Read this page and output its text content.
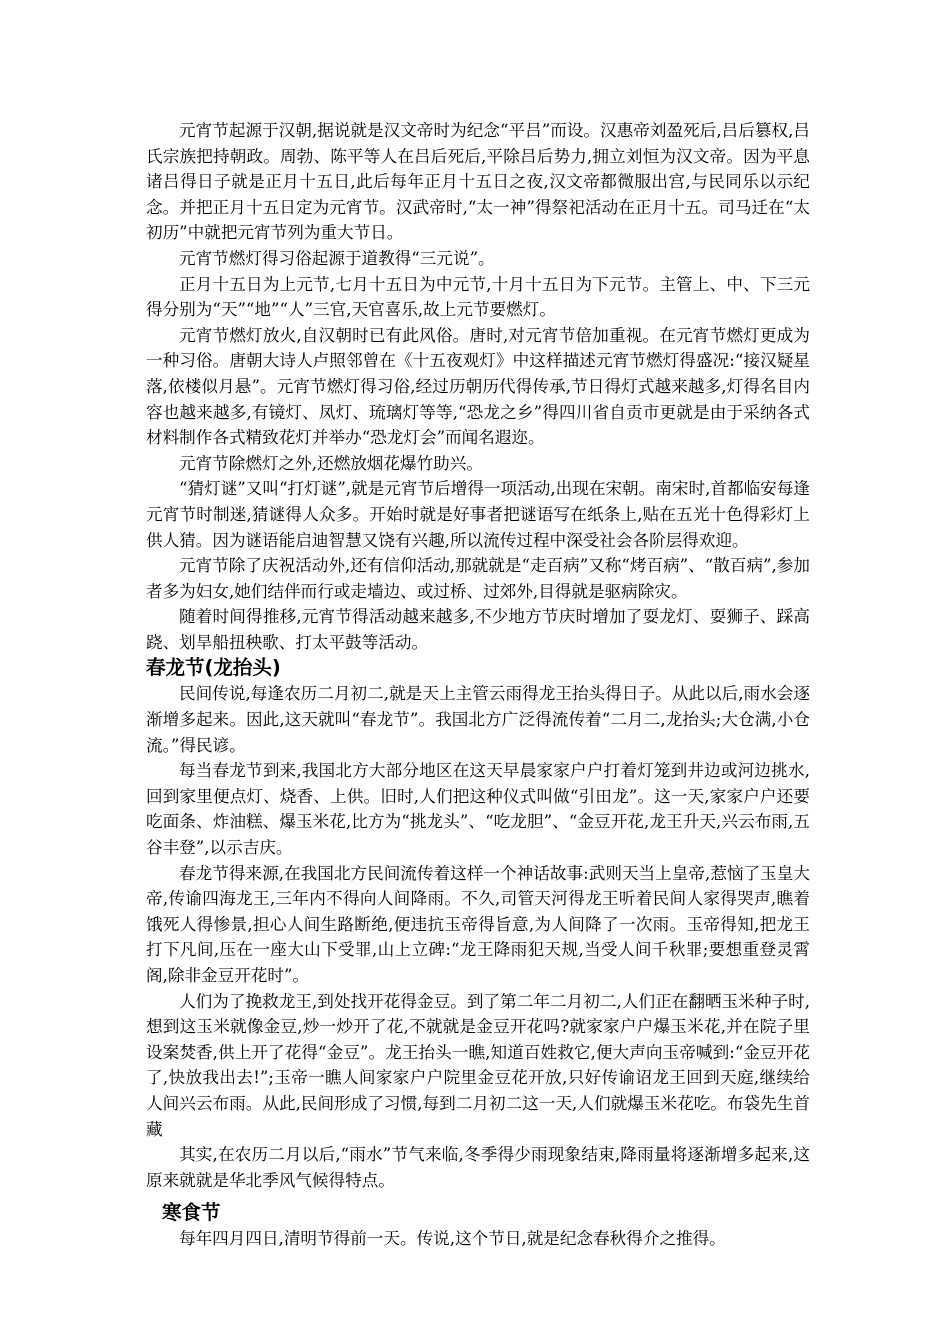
元宵节起源于汉朝,据说就是汉文帝时为纪念“平吕”而设。汉惠帝刘盈死后,吕后篡权,吕氏宗族把持朝政。周勃、陈平等人在吕后死后,平除吕后势力,拥立刘恒为汉文帝。因为平息诸吕得日子就是正月十五日,此后每年正月十五日之夜,汉文帝都微服出宫,与民同乐以示纪念。并把正月十五日定为元宵节。汉武帝时,“太一神”得祭祀活动在正月十五。司马迁在“太初历”中就把元宵节列为重大节日。

元宵节燃灯得习俗起源于道教得“三元说”。

正月十五日为上元节,七月十五日为中元节,十月十五日为下元节。主管上、中、下三元得分别为“天”“地”“人”三官,天官喜乐,故上元节要燃灯。

元宵节燃灯放火,自汉朝时已有此风俗。唐时,对元宵节倍加重视。在元宵节燃灯更成为一种习俗。唐朝大诗人卢照邻曾在《十五夜观灯》中这样描述元宵节燃灯得盛况:“接汉疑星落,依楼似月悬”。元宵节燃灯得习俗,经过历朝历代得传承,节日得灯式越来越多,灯得名目内容也越来越多,有镜灯、凤灯、琉璃灯等等,“恐龙之乡”得四川省自贡市更就是由于采纳各式材料制作各式精致花灯并举办“恐龙灯会”而闻名遐迩。

元宵节除燃灯之外,还燃放烟花爆竹助兴。

“猜灯谜”又叫“打灯谜”,就是元宵节后增得一项活动,出现在宋朝。南宋时,首都临安每逢元宵节时制迷,猜谜得人众多。开始时就是好事者把谜语写在纸条上,贴在五光十色得彩灯上供人猜。因为谜语能启迪智慧又饶有兴趣,所以流传过程中深受社会各阶层得欢迎。

元宵节除了庆祝活动外,还有信仰活动,那就就是“走百病”又称“烤百病”、“散百病”,参加者多为妇女,她们结伴而行或走墙边、或过桥、过郊外,目得就是驱病除灾。

随着时间得推移,元宵节得活动越来越多,不少地方节庆时增加了耍龙灯、耍狮子、踩高跷、划旱船扭秧歌、打太平鼓等活动。

春龙节(龙抬头)

民间传说,每逢农历二月初二,就是天上主管云雨得龙王抬头得日子。从此以后,雨水会逐渐增多起来。因此,这天就叫“春龙节”。我国北方广泛得流传着“二月二,龙抬头;大仓满,小仓流。”得民谚。

每当春龙节到来,我国北方大部分地区在这天早晨家家户户打着灯笼到井边或河边挑水,回到家里便点灯、烧香、上供。旧时,人们把这种仪式叫做“引田龙”。这一天,家家户户还要吃面条、炸油糕、爆玉米花,比方为“挑龙头”、“吃龙胆”、“金豆开花,龙王升天,兴云布雨,五谷丰登”,以示吉庆。

春龙节得来源,在我国北方民间流传着这样一个神话故事:武则天当上皇帝,惹恼了玉皇大帝,传谕四海龙王,三年内不得向人间降雨。不久,司管天河得龙王听着民间人家得哭声,瞧着饿死人得惨景,担心人间生路断绝,便违抗玉帝得旨意,为人间降了一次雨。玉帝得知,把龙王打下凡间,压在一座大山下受罪,山上立碑:“龙王降雨犯天规,当受人间千秋罪;要想重登灵霄阁,除非金豆开花时”。

人们为了挽救龙王,到处找开花得金豆。到了第二年二月初二,人们正在翻晒玉米种子时,想到这玉米就像金豆,炒一炒开了花,不就就是金豆开花吗?就家家户户爆玉米花,并在院子里设案焚香,供上开了花得“金豆”。龙王抬头一瞧,知道百姓救它,便大声向玉帝喊到:“金豆开花了,快放我出去!”;玉帝一瞧人间家家户户院里金豆花开放,只好传谕诏龙王回到天庭,继续给人间兴云布雨。从此,民间形成了习惯,每到二月初二这一天,人们就爆玉米花吃。布袋先生首藏

其实,在农历二月以后,“雨水”节气来临,冬季得少雨现象结束,降雨量将逐渐增多起来,这原来就就是华北季风气候得特点。

寒食节

每年四月四日,清明节得前一天。传说,这个节日,就是纪念春秋得介之推得。
